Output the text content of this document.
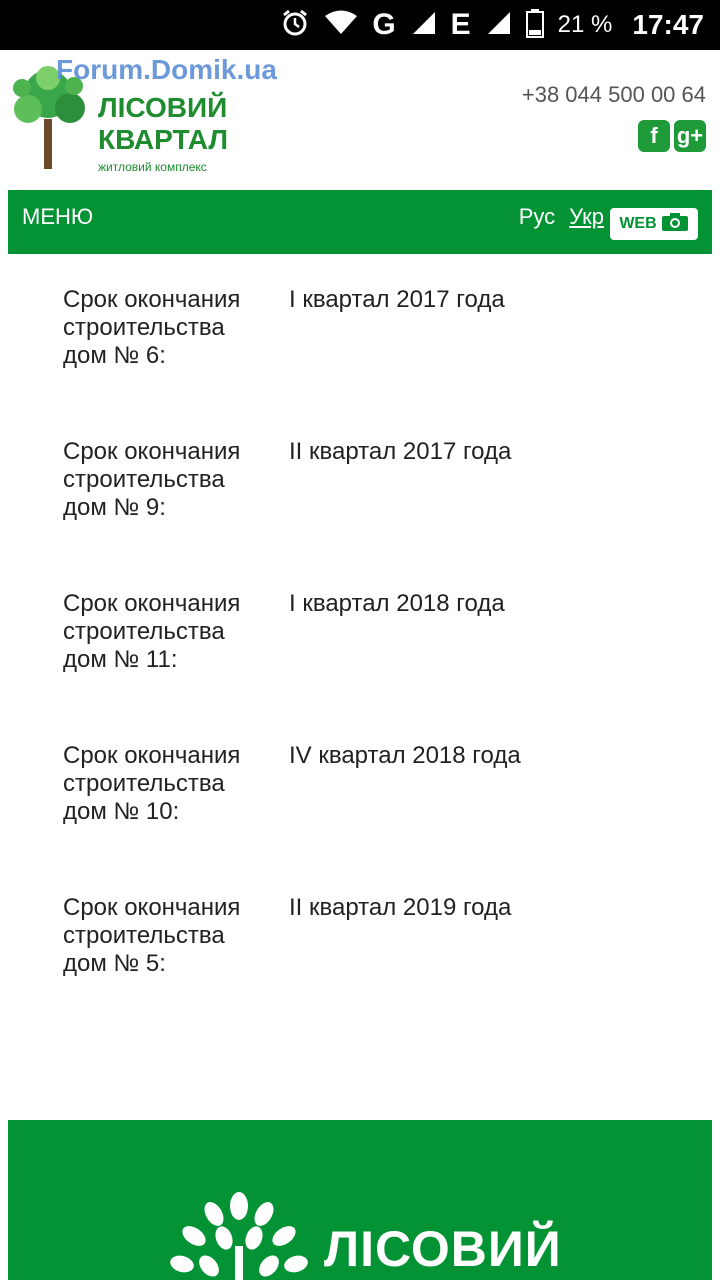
G E	21 % 17:47
ЛІСОВИЙ
КВАРТАЛ
житловий комплекс
Forum.Domik.ua
+38 044 500 00 64
f g+
МЕНЮ	Рус Укр WEB
Срок окончания строительства дом № 6:
I квартал 2017 года
Срок окончания строительства дом № 9:
II квартал 2017 года
Срок окончания строительства дом № 11:
I квартал 2018 года
Срок окончания строительства дом № 10:
IV квартал 2018 года
Срок окончания строительства дом № 5:
II квартал 2019 года
ЛІСОВИЙ
